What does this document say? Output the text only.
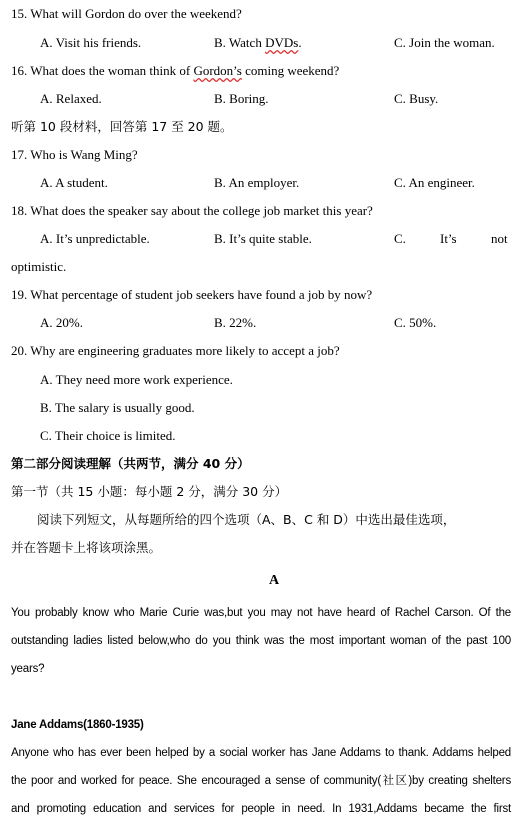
15. What will Gordon do over the weekend?
A. Visit his friends.	B. Watch DVDs.	C. Join the woman.
16. What does the woman think of Gordon’s coming weekend?
A. Relaxed.	B. Boring.	C. Busy.
听第 10 段材料，回答第 17 至 20 题。
17. Who is Wang Ming?
A. A student.	B. An employer.	C. An engineer.
18. What does the speaker say about the college job market this year?
A. It’s unpredictable.	B. It’s quite stable.	C.	It’s	not
optimistic.
19. What percentage of student job seekers have found a job by now?
A. 20%.	B. 22%.	C. 50%.
20. Why are engineering graduates more likely to accept a job?
A. They need more work experience.
B. The salary is usually good.
C. Their choice is limited.
第二部分阅读理解（共两节，满分 40 分）
第一节（共 15 小题：每小题 2 分，满分 30 分）
阅读下列短文，从每题所给的四个选项（A、B、C 和 D）中选出最佳选项，
并在答题卡上将该项涂黑。
A
You probably know who Marie Curie was,but you may not have heard of Rachel Carson. Of the
outstanding ladies listed below,who do you think was the most important woman of the past 100
years?
Jane Addams(1860-1935)
Anyone who has ever been helped by a social worker has Jane Addams to thank. Addams helped
the poor and worked for peace. She encouraged a sense of community(社区)by creating shelters
and promoting education and services for people in need. In 1931,Addams became the first
